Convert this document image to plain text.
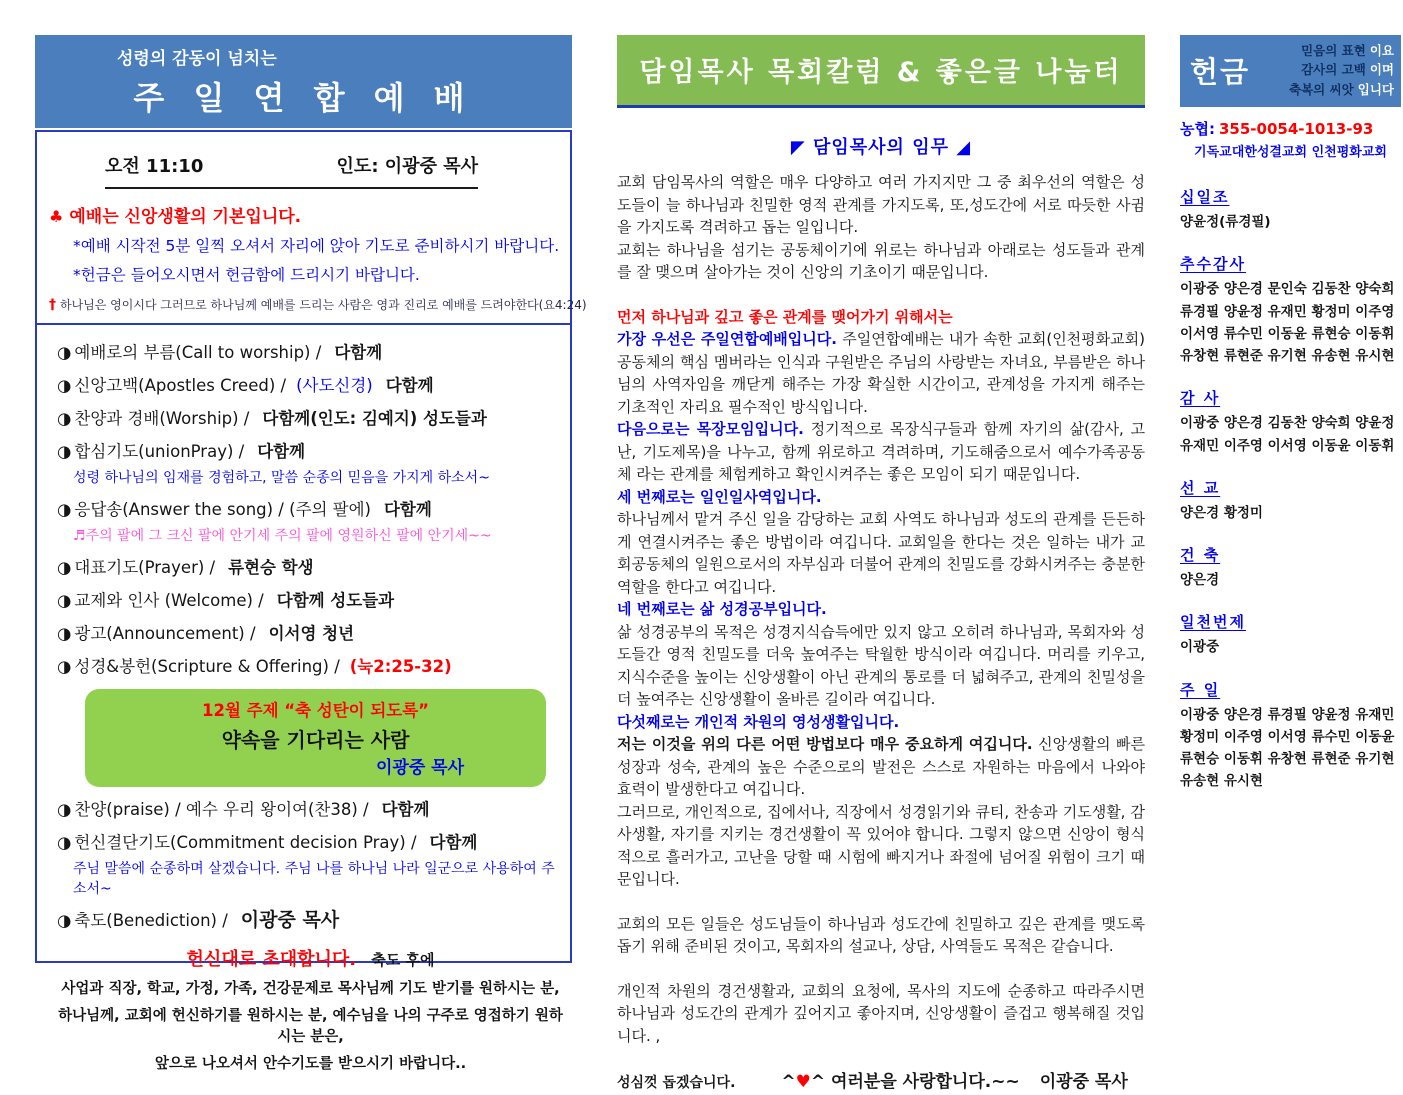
성령의 감동이 넘치는
주 일 연 합 예 배
오전 11:10	인도: 이광중 목사
♣ 예배는 신앙생활의 기본입니다.
*예배 시작전 5분 일찍 오셔서 자리에 앉아 기도로 준비하시기 바랍니다.
*헌금은 들어오시면서 헌금함에 드리시기 바랍니다.
† 하나님은 영이시다 그러므로 하나님께 예배를 드리는 사람은 영과 진리로 예배를 드려야한다(요4:24)
◑ 예배로의 부름(Call to worship) / 다함께
◑ 신앙고백(Apostles Creed) / (사도신경) 다함께
◑ 찬양과 경배(Worship) / 다함께(인도: 김예지) 성도들과
◑ 합심기도(unionPray) / 다함께
성령 하나님의 임재를 경험하고, 말씀 순종의 믿음을 가지게 하소서~
◑ 응답송(Answer the song) / (주의 팔에) 다함께
♬주의 팔에 그 크신 팔에 안기세 주의 팔에 영원하신 팔에 안기세~~
◑ 대표기도(Prayer) / 류현승 학생
◑ 교제와 인사 (Welcome) / 다함께 성도들과
◑ 광고(Announcement) / 이서영 청년
◑ 성경&봉헌(Scripture & Offering) / (눅2:25-32)
12월 주제 “축 성탄이 되도록”
약속을 기다리는 사람
이광중 목사
◑ 찬양(praise) / 예수 우리 왕이여(찬38) / 다함께
◑ 헌신결단기도(Commitment decision Pray) / 다함께
주님 말씀에 순종하며 살겠습니다. 주님 나를 하나님 나라 일군으로 사용하여 주소서~
◑ 축도(Benediction) / 이광중 목사
헌신대로 초대합니다. 축도 후에
사업과 직장, 학교, 가정, 가족, 건강문제로 목사님께 기도 받기를 원하시는 분,
하나님께, 교회에 헌신하기를 원하시는 분, 예수님을 나의 구주로 영접하기 원하시는 분은,
앞으로 나오셔서 안수기도를 받으시기 바랍니다..
담임목사 목회칼럼 & 좋은글 나눔터
◤ 담임목사의 임무 ◢

교회 담임목사의 역할은 매우 다양하고 여러 가지지만 그 중 최우선의 역할은 성도들이 늘 하나님과 친밀한 영적 관계를 가지도록, 또,성도간에 서로 따듯한 사귐을 가지도록 격려하고 돕는 일입니다.

교회는 하나님을 섬기는 공동체이기에 위로는 하나님과 아래로는 성도들과 관계를 잘 맺으며 살아가는 것이 신앙의 기초이기 때문입니다.

먼저 하나님과 깊고 좋은 관계를 맺어가기 위해서는

가장 우선은 주일연합예배입니다. 주일연합예배는 내가 속한 교회(인천평화교회) 공동체의 핵심 멤버라는 인식과 구원받은 주님의 사랑받는 자녀요, 부름받은 하나님의 사역자임을 깨닫게 해주는 가장 확실한 시간이고, 관계성을 가지게 해주는 기초적인 자리요 필수적인 방식입니다.

다음으로는 목장모임입니다. 정기적으로 목장식구들과 함께 자기의 삶(감사, 고난, 기도제목)을 나누고, 함께 위로하고 격려하며, 기도해줌으로서 예수가족공동체 라는 관계를 체험케하고 확인시켜주는 좋은 모임이 되기 때문입니다.

세 번째로는 일인일사역입니다.

하나님께서 맡겨 주신 일을 감당하는 교회 사역도 하나님과 성도의 관계를 든든하게 연결시켜주는 좋은 방법이라 여깁니다. 교회일을 한다는 것은 일하는 내가 교회공동체의 일원으로서의 자부심과 더불어 관계의 친밀도를 강화시켜주는 충분한 역할을 한다고 여깁니다.

네 번째로는 삶 성경공부입니다.

삶 성경공부의 목적은 성경지식습득에만 있지 않고 오히려 하나님과, 목회자와 성도들간 영적 친밀도를 더욱 높여주는 탁월한 방식이라 여깁니다. 머리를 키우고, 지식수준을 높이는 신앙생활이 아닌 관계의 통로를 더 넓혀주고, 관계의 친밀성을 더 높여주는 신앙생활이 올바른 길이라 여깁니다.

다섯째로는 개인적 차원의 영성생활입니다.

저는 이것을 위의 다른 어떤 방법보다 매우 중요하게 여깁니다. 신앙생활의 빠른 성장과 성숙, 관계의 높은 수준으로의 발전은 스스로 자원하는 마음에서 나와야 효력이 발생한다고 여깁니다.

그러므로, 개인적으로, 집에서나, 직장에서 성경읽기와 큐티, 찬송과 기도생활, 감사생활, 자기를 지키는 경건생활이 꼭 있어야 합니다. 그렇지 않으면 신앙이 형식적으로 흘러가고, 고난을 당할 때 시험에 빠지거나 좌절에 넘어질 위험이 크기 때문입니다.

교회의 모든 일들은 성도님들이 하나님과 성도간에 친밀하고 깊은 관계를 맺도록 돕기 위해 준비된 것이고, 목회자의 설교나, 상담, 사역들도 목적은 같습니다.

개인적 차원의 경건생활과, 교회의 요청에, 목사의 지도에 순종하고 따라주시면 하나님과 성도간의 관계가 깊어지고 좋아지며, 신앙생활이 즐겁고 행복해질 것입니다. ,

성심껏 돕겠습니다.	^♥^ 여러분을 사랑합니다.~~ 이광중 목사
헌금
믿음의 표현 이요
감사의 고백 이며
축복의 씨앗 입니다
농협: 355-0054-1013-93
기독교대한성결교회 인천평화교회
십일조
양윤정(류경필)
추수감사
이광중 양은경 문인숙 김동찬 양숙희
류경필 양윤정 유재민 황정미 이주영
이서영 류수민 이동윤 류현승 이동휘
유창현 류현준 유기현 유송현 유시현
감 사
이광중 양은경 김동찬 양숙희 양윤정
유재민 이주영 이서영 이동윤 이동휘
선 교
양은경 황정미
건 축
양은경
일천번제
이광중
주 일
이광중 양은경 류경필 양윤정 유재민
황정미 이주영 이서영 류수민 이동윤
류현승 이동휘 유창현 류현준 유기현
유송현 유시현
